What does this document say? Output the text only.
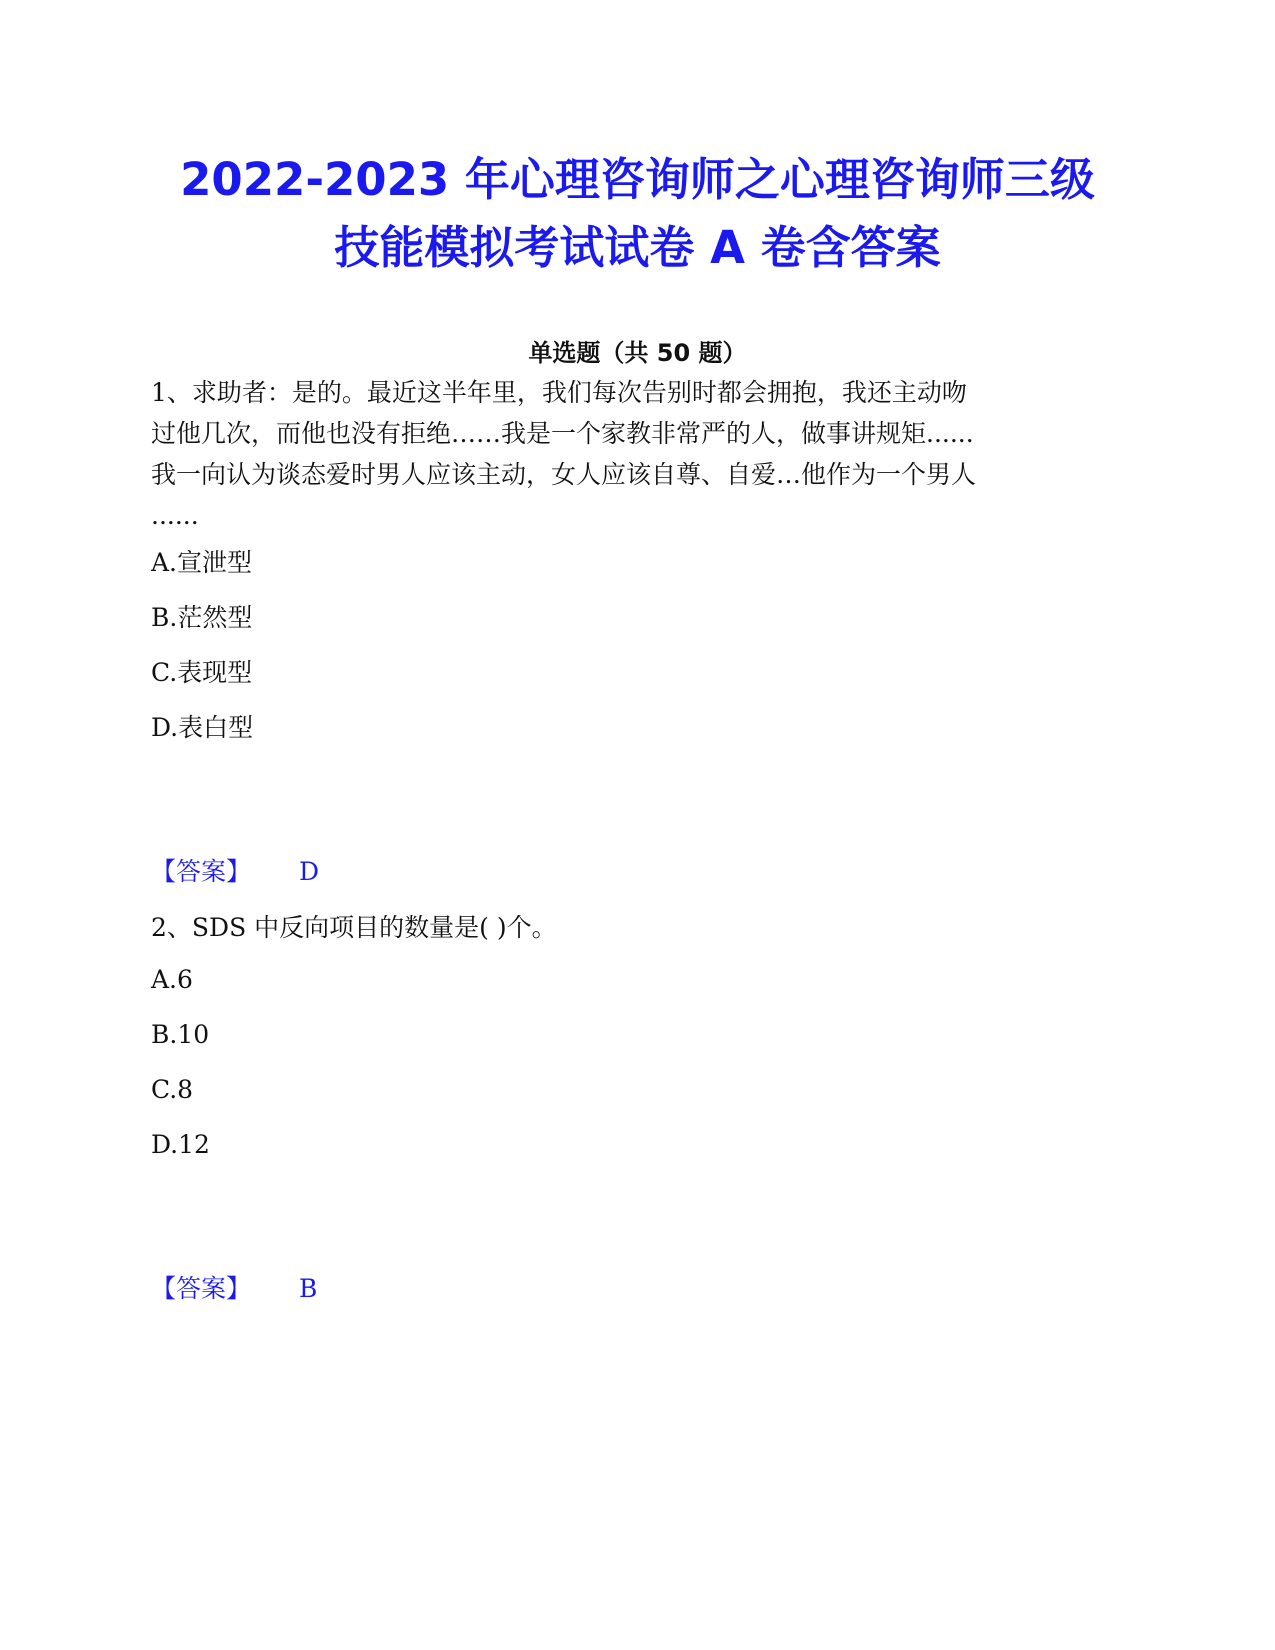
2022-2023 年心理咨询师之心理咨询师三级
技能模拟考试试卷 A 卷含答案
单选题（共 50 题）

1、求助者：是的。最近这半年里，我们每次告别时都会拥抱，我还主动吻
过他几次，而他也没有拒绝……我是一个家教非常严的人，做事讲规矩......
我一向认为谈态爱时男人应该主动，女人应该自尊、自爱…他作为一个男人
......

A.宣泄型
B.茫然型
C.表现型
D.表白型
【答案】 D

2、SDS 中反向项目的数量是( )个。

A.6
B.10
C.8
D.12
【答案】 B
